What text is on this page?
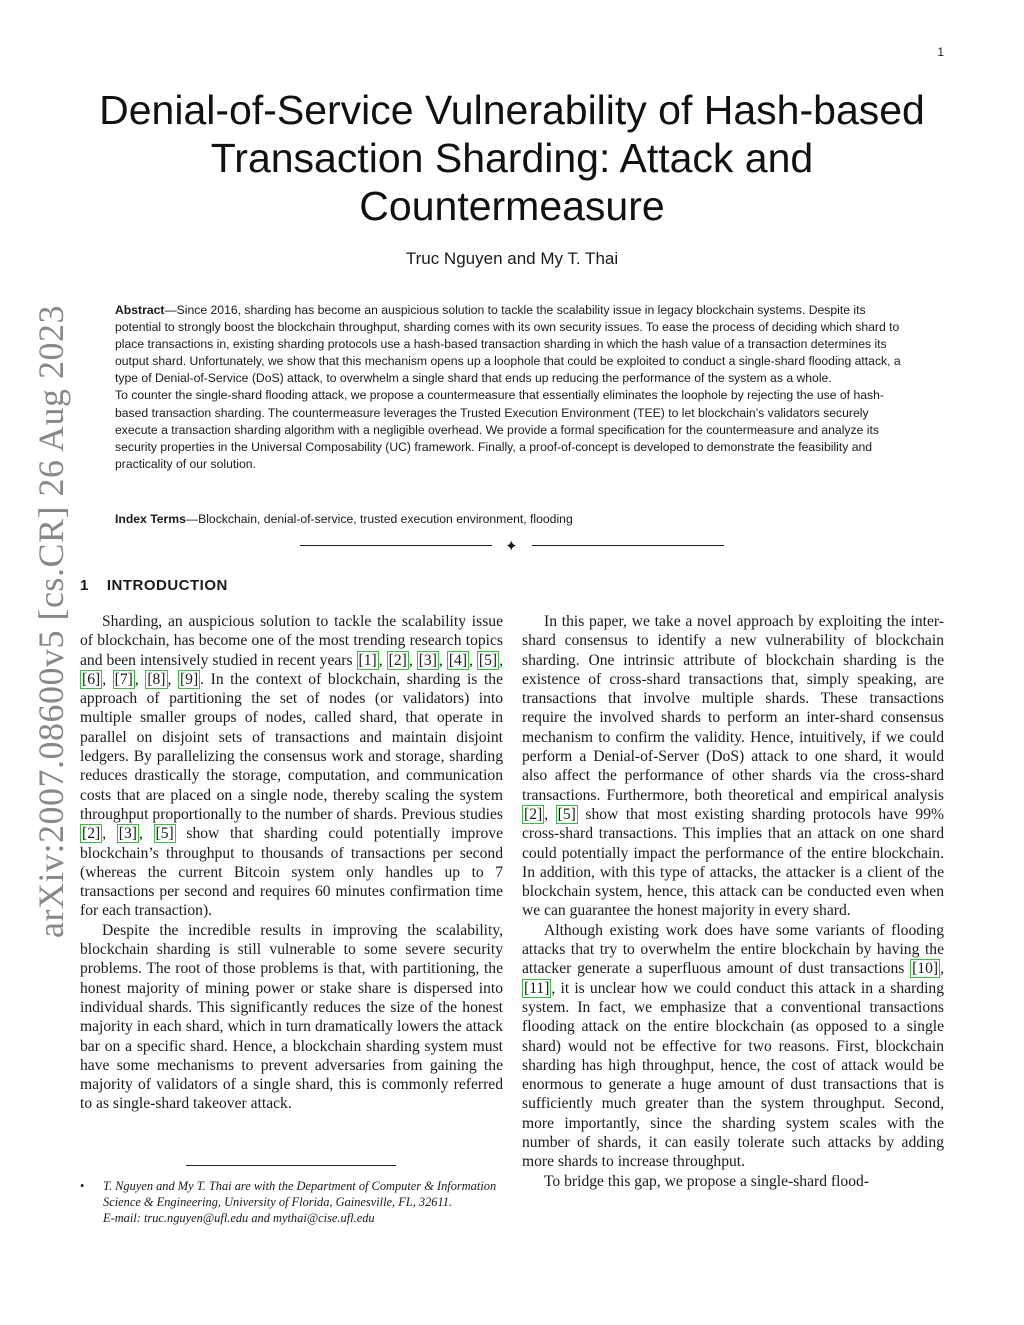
1
arXiv:2007.08600v5 [cs.CR] 26 Aug 2023
Denial-of-Service Vulnerability of Hash-based Transaction Sharding: Attack and Countermeasure
Truc Nguyen and My T. Thai

Abstract—Since 2016, sharding has become an auspicious solution to tackle the scalability issue in legacy blockchain systems. Despite its potential to strongly boost the blockchain throughput, sharding comes with its own security issues. To ease the process of deciding which shard to place transactions in, existing sharding protocols use a hash-based transaction sharding in which the hash value of a transaction determines its output shard. Unfortunately, we show that this mechanism opens up a loophole that could be exploited to conduct a single-shard flooding attack, a type of Denial-of-Service (DoS) attack, to overwhelm a single shard that ends up reducing the performance of the system as a whole.

To counter the single-shard flooding attack, we propose a countermeasure that essentially eliminates the loophole by rejecting the use of hash-based transaction sharding. The countermeasure leverages the Trusted Execution Environment (TEE) to let blockchain’s validators securely execute a transaction sharding algorithm with a negligible overhead. We provide a formal specification for the countermeasure and analyze its security properties in the Universal Composability (UC) framework. Finally, a proof-of-concept is developed to demonstrate the feasibility and practicality of our solution.

Index Terms—Blockchain, denial-of-service, trusted execution environment, flooding
✦
1 INTRODUCTION

Sharding, an auspicious solution to tackle the scalability issue of blockchain, has become one of the most trending research topics and been intensively studied in recent years [1] , [2] , [3] , [4] , [5] , [6] , [7] , [8] , [9] . In the context of blockchain, sharding is the approach of partitioning the set of nodes (or validators) into multiple smaller groups of nodes, called shard, that operate in parallel on disjoint sets of transactions and maintain disjoint ledgers. By parallelizing the consensus work and storage, sharding reduces drastically the storage, computation, and communication costs that are placed on a single node, thereby scaling the system throughput proportionally to the number of shards. Previous studies [2] , [3] , [5] show that sharding could potentially improve blockchain’s throughput to thousands of transactions per second (whereas the current Bitcoin system only handles up to 7 transactions per second and requires 60 minutes confirmation time for each transaction).

Despite the incredible results in improving the scalability, blockchain sharding is still vulnerable to some severe security problems. The root of those problems is that, with partitioning, the honest majority of mining power or stake share is dispersed into individual shards. This significantly reduces the size of the honest majority in each shard, which in turn dramatically lowers the attack bar on a specific shard. Hence, a blockchain sharding system must have some mechanisms to prevent adversaries from gaining the majority of validators of a single shard, this is commonly referred to as single-shard takeover attack.

In this paper, we take a novel approach by exploiting the inter-shard consensus to identify a new vulnerability of blockchain sharding. One intrinsic attribute of blockchain sharding is the existence of cross-shard transactions that, simply speaking, are transactions that involve multiple shards. These transactions require the involved shards to perform an inter-shard consensus mechanism to confirm the validity. Hence, intuitively, if we could perform a Denial-of-Server (DoS) attack to one shard, it would also affect the performance of other shards via the cross-shard transactions. Furthermore, both theoretical and empirical analysis [2] , [5] show that most existing sharding protocols have 99% cross-shard transactions. This implies that an attack on one shard could potentially impact the performance of the entire blockchain. In addition, with this type of attacks, the attacker is a client of the blockchain system, hence, this attack can be conducted even when we can guarantee the honest majority in every shard.

Although existing work does have some variants of flooding attacks that try to overwhelm the entire blockchain by having the attacker generate a superfluous amount of dust transactions [10] , [11] , it is unclear how we could conduct this attack in a sharding system. In fact, we emphasize that a conventional transactions flooding attack on the entire blockchain (as opposed to a single shard) would not be effective for two reasons. First, blockchain sharding has high throughput, hence, the cost of attack would be enormous to generate a huge amount of dust transactions that is sufficiently much greater than the system throughput. Second, more importantly, since the sharding system scales with the number of shards, it can easily tolerate such attacks by adding more shards to increase throughput.

To bridge this gap, we propose a single-shard flood-

• T. Nguyen and My T. Thai are with the Department of Computer & Information Science & Engineering, University of Florida, Gainesville, FL, 32611.

E-mail: truc.nguyen@ufl.edu and mythai@cise.ufl.edu
